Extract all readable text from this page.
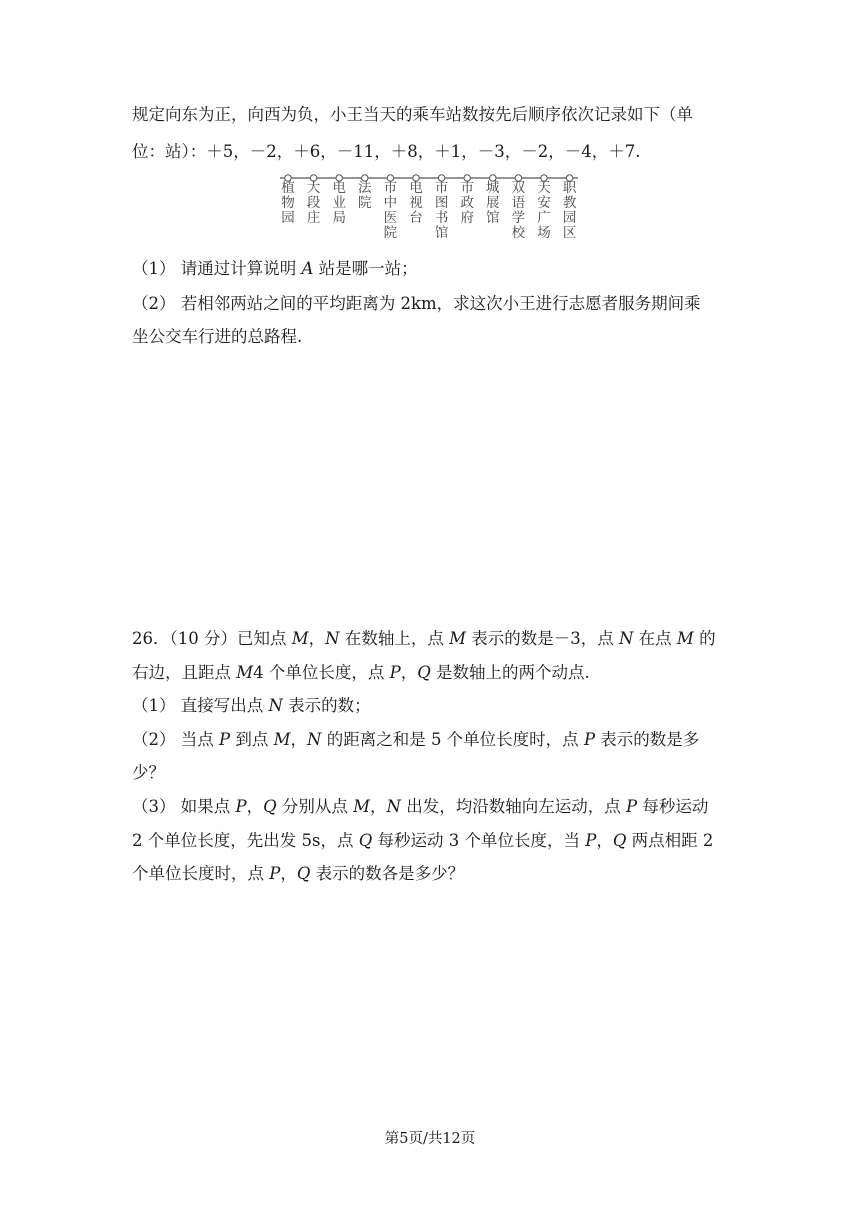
规定向东为正，向西为负，小王当天的乘车站数按先后顺序依次记录如下（单
位：站）：＋5，－2，＋6，－11，＋8，＋1，－3，－2，－4，＋7.
植
物
园
大
段
庄
电
业
局
法
院
市
中
医
院
电
视
台
市
图
书
馆
市
政
府
城
展
馆
双
语
学
校
天
安
广
场
职
教
园
区
（1） 请通过计算说明 A 站是哪一站；
（2） 若相邻两站之间的平均距离为 2km，求这次小王进行志愿者服务期间乘
坐公交车行进的总路程.
26．（10 分）已知点 M，N 在数轴上，点 M 表示的数是－3，点 N 在点 M 的
右边，且距点 M4 个单位长度，点 P，Q 是数轴上的两个动点.
（1） 直接写出点 N 表示的数；
（2） 当点 P 到点 M，N 的距离之和是 5 个单位长度时，点 P 表示的数是多
少？
（3） 如果点 P，Q 分别从点 M，N 出发，均沿数轴向左运动，点 P 每秒运动
2 个单位长度，先出发 5s，点 Q 每秒运动 3 个单位长度，当 P，Q 两点相距 2
个单位长度时，点 P，Q 表示的数各是多少？
第5页/共12页
